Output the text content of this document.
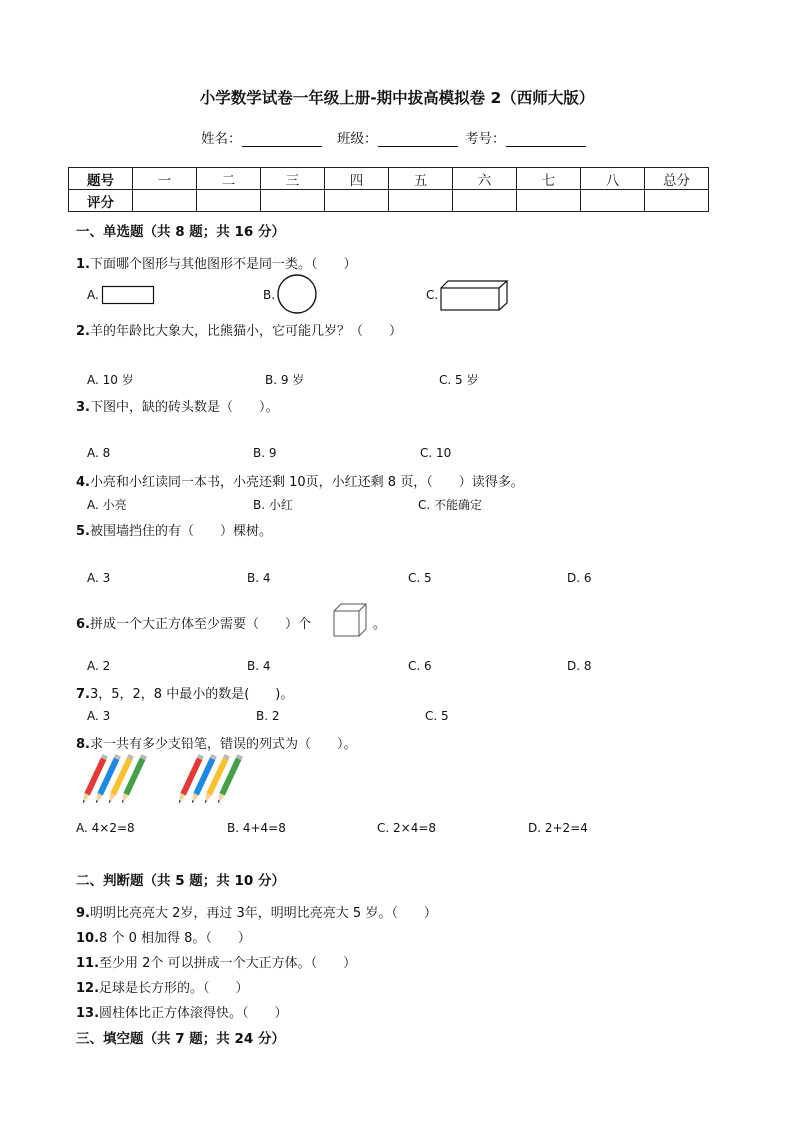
小学数学试卷一年级上册-期中拔高模拟卷 2（西师大版）
姓名：	班级：	考号：
题号	一	二	三	四	五	六	七	八	总分
评分									
一、单选题（共 8 题；共 16 分）
1.下面哪个图形与其他图形不是同一类。（　　）
A.	B.	C.
2.羊的年龄比大象大，比熊猫小，它可能几岁？（　　）
A. 10 岁	B. 9 岁	C. 5 岁
3.下图中，缺的砖头数是（　　）。
A. 8	B. 9	C. 10
4.小亮和小红读同一本书，小亮还剩 10页，小红还剩 8 页，（　　）读得多。
A. 小亮	B. 小红	C. 不能确定
5.被围墙挡住的有（　　）棵树。
A. 3	B. 4	C. 5	D. 6
6.拼成一个大正方体至少需要（　　）个	。
A. 2	B. 4	C. 6	D. 8
7.3，5，2，8 中最小的数是(　　)。
A. 3	B. 2	C. 5
8.求一共有多少支铅笔，错误的列式为（　　）。
A. 4×2=8	B. 4+4=8	C. 2×4=8	D. 2+2=4
二、判断题（共 5 题；共 10 分）
9.明明比亮亮大 2岁，再过 3年，明明比亮亮大 5 岁。（　　）
10.8 个 0 相加得 8。（　　）
11.至少用 2个 可以拼成一个大正方体。（　　）
12.足球是长方形的。（　　）
13.圆柱体比正方体滚得快。（　　）
三、填空题（共 7 题；共 24 分）
